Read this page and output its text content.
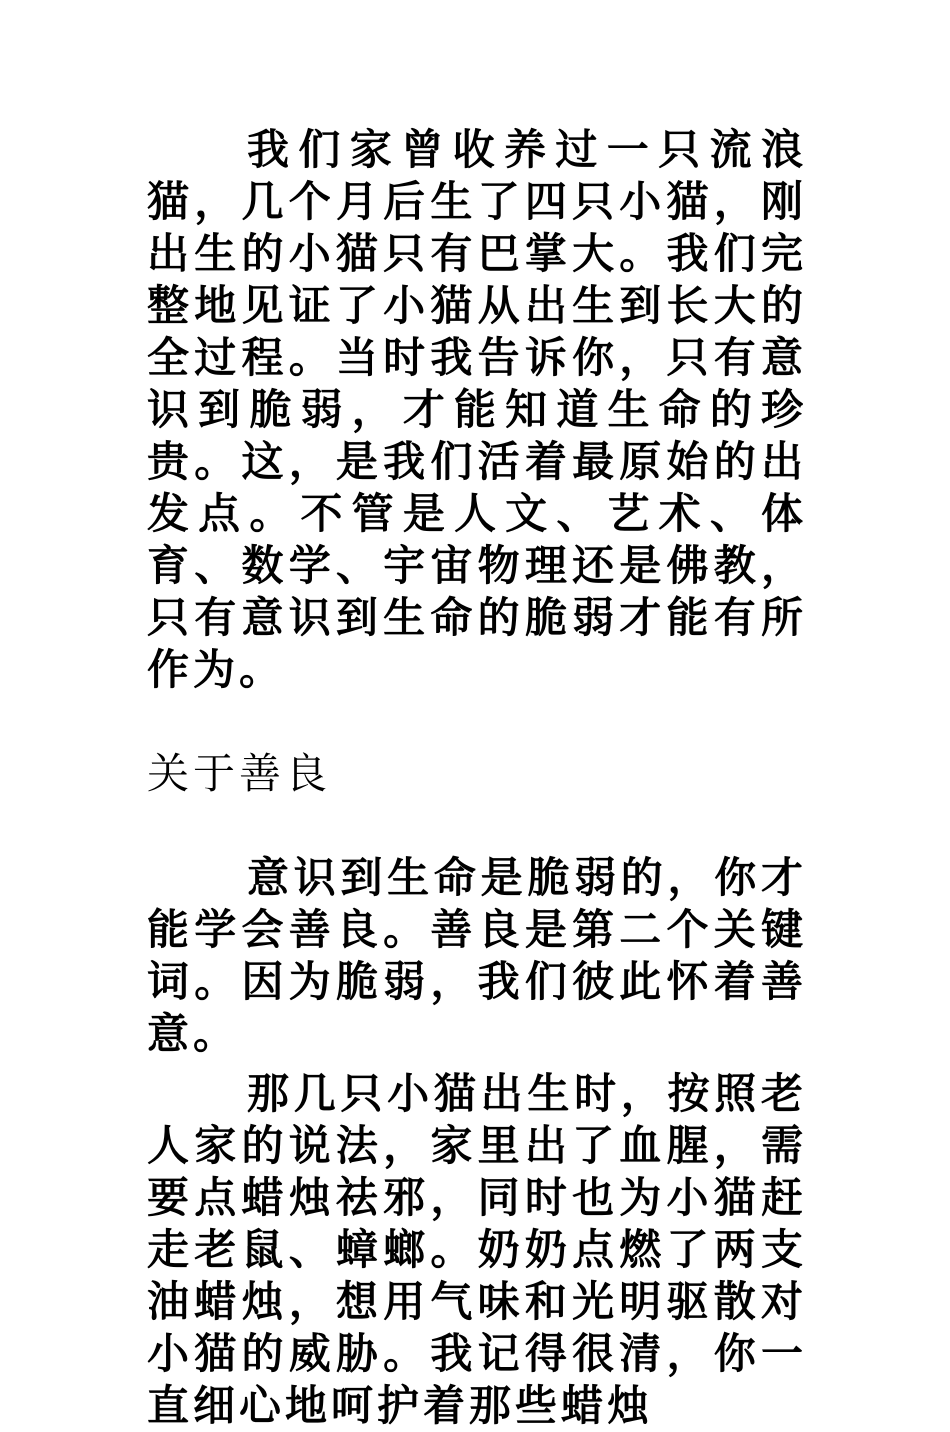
我们家曾收养过一只流浪猫，几个月后生了四只小猫，刚出生的小猫只有巴掌大。我们完整地见证了小猫从出生到长大的全过程。当时我告诉你，只有意识到脆弱，才能知道生命的珍贵。这，是我们活着最原始的出发点。不管是人文、艺术、体育、数学、宇宙物理还是佛教，只有意识到生命的脆弱才能有所作为。

关于善良

意识到生命是脆弱的，你才能学会善良。善良是第二个关键词。因为脆弱，我们彼此怀着善意。

那几只小猫出生时，按照老人家的说法，家里出了血腥，需要点蜡烛祛邪，同时也为小猫赶走老鼠、蟑螂。奶奶点燃了两支油蜡烛，想用气味和光明驱散对小猫的威胁。我记得很清，你一直细心地呵护着那些蜡烛
